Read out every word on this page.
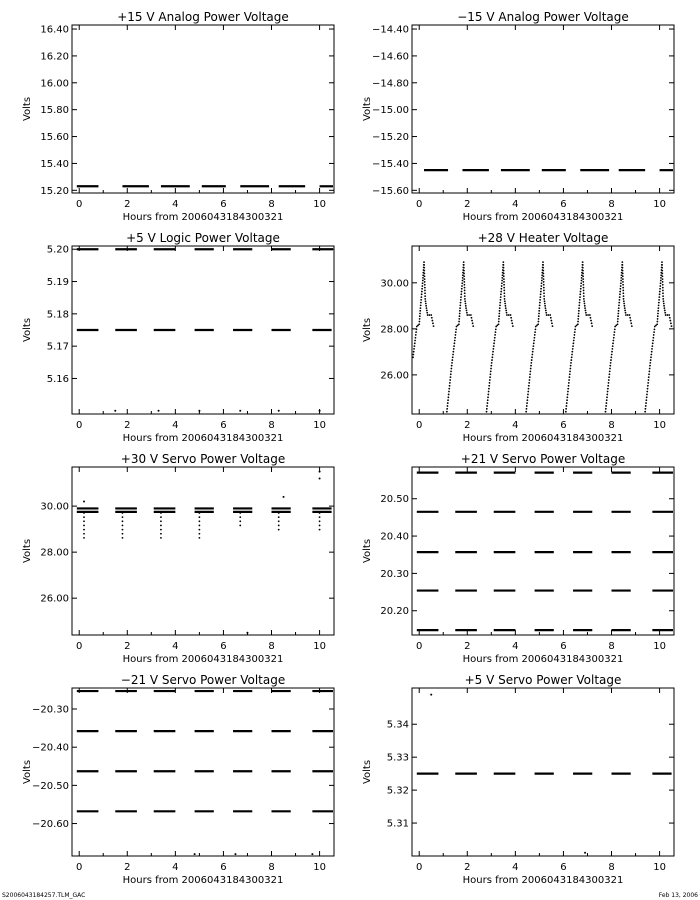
+15 V Analog Power Voltage
Hours from 2006043184300321
Volts
0	2	4	6	8	10
15.20
15.40
15.60
15.80
16.00
16.20
16.40
−15 V Analog Power Voltage
Hours from 2006043184300321
Volts
0	2	4	6	8	10
−15.60
−15.40
−15.20
−15.00
−14.80
−14.60
−14.40
+5 V Logic Power Voltage
Hours from 2006043184300321
Volts
0	2	4	6	8	10
5.16
5.17
5.18
5.19
5.20
+28 V Heater Voltage
Hours from 2006043184300321
Volts
0	2	4	6	8	10
26.00
28.00
30.00
+30 V Servo Power Voltage
Hours from 2006043184300321
Volts
0	2	4	6	8	10
26.00
28.00
30.00
+21 V Servo Power Voltage
Hours from 2006043184300321
Volts
0	2	4	6	8	10
20.20
20.30
20.40
20.50
−21 V Servo Power Voltage
Hours from 2006043184300321
Volts
0	2	4	6	8	10
−20.60
−20.50
−20.40
−20.30
+5 V Servo Power Voltage
Hours from 2006043184300321
Volts
0	2	4	6	8	10
5.31
5.32
5.33
5.34
S2006043184257.TLM_GAC	Feb 13, 2006
